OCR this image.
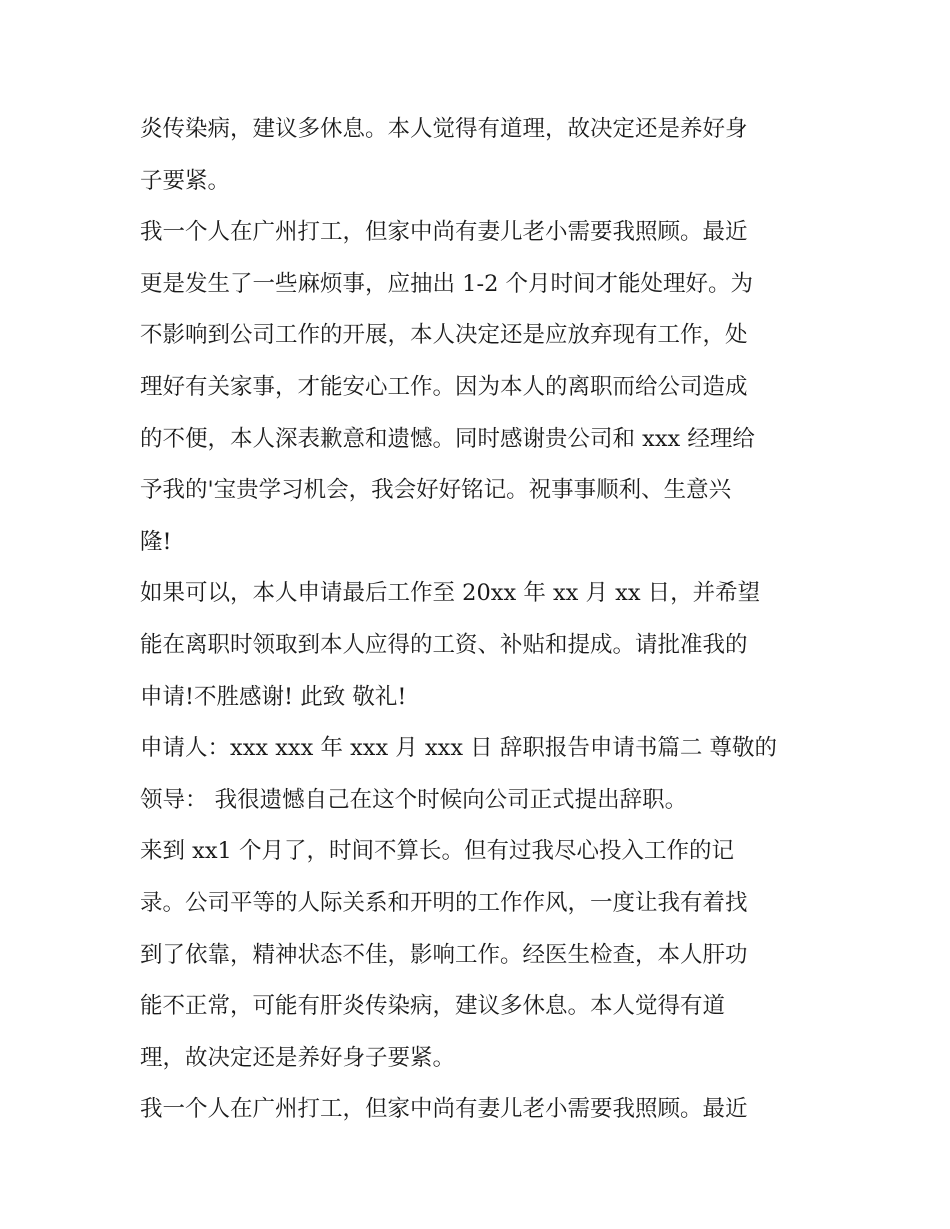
炎传染病，建议多休息。本人觉得有道理，故决定还是养好身
子要紧。
我一个人在广州打工，但家中尚有妻儿老小需要我照顾。最近
更是发生了一些麻烦事，应抽出 1-2 个月时间才能处理好。为
不影响到公司工作的开展，本人决定还是应放弃现有工作，处
理好有关家事，才能安心工作。因为本人的离职而给公司造成
的不便，本人深表歉意和遗憾。同时感谢贵公司和 xxx 经理给
予我的'宝贵学习机会，我会好好铭记。祝事事顺利、生意兴
隆!
如果可以，本人申请最后工作至 20xx 年 xx 月 xx 日，并希望
能在离职时领取到本人应得的工资、补贴和提成。请批准我的
申请!不胜感谢! 此致 敬礼!
申请人：xxx xxx 年 xxx 月 xxx 日 辞职报告申请书篇二 尊敬的
领导： 我很遗憾自己在这个时候向公司正式提出辞职。
来到 xx1 个月了，时间不算长。但有过我尽心投入工作的记
录。公司平等的人际关系和开明的工作作风，一度让我有着找
到了依靠，精神状态不佳，影响工作。经医生检查，本人肝功
能不正常，可能有肝炎传染病，建议多休息。本人觉得有道
理，故决定还是养好身子要紧。
我一个人在广州打工，但家中尚有妻儿老小需要我照顾。最近
